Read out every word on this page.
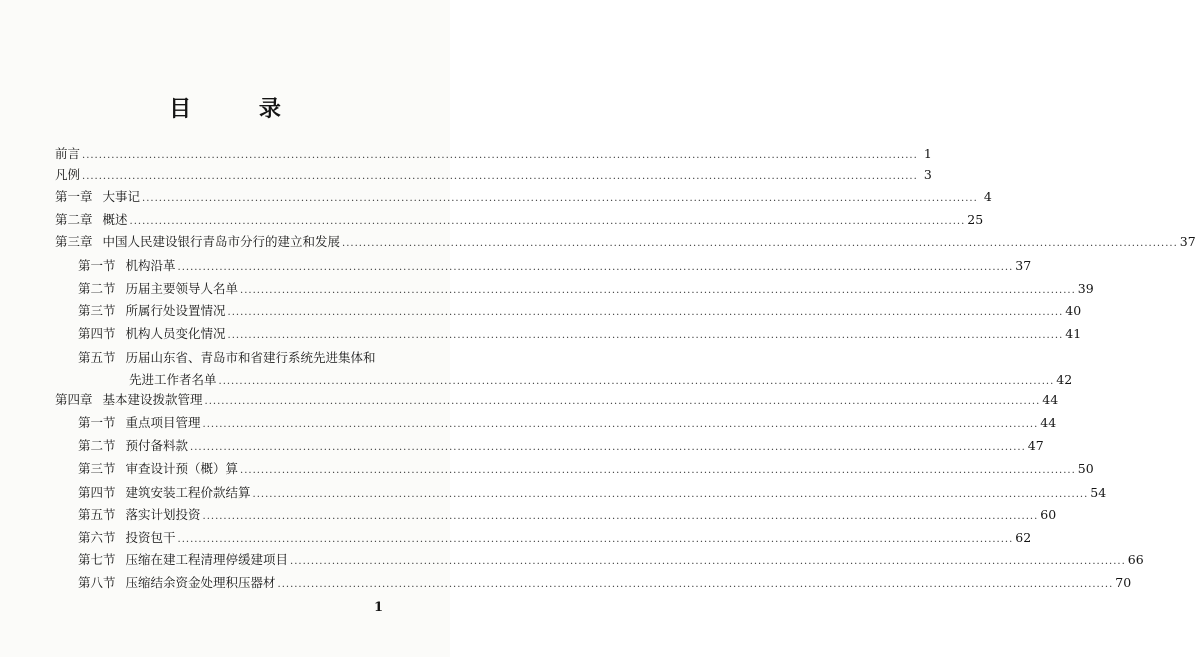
目 录
前言 ........................................................................................................................................................................................................ 1
凡例 ........................................................................................................................................................................................................ 3
第一章 大事记 ........................................................................................................................................................................................................ 4
第二章 概述 ........................................................................................................................................................................................................ 25
第三章 中国人民建设银行青岛市分行的建立和发展 ........................................................................................................................................................................................................ 37
第一节 机构沿革 ........................................................................................................................................................................................................ 37
第二节 历届主要领导人名单 ........................................................................................................................................................................................................ 39
第三节 所属行处设置情况 ........................................................................................................................................................................................................ 40
第四节 机构人员变化情况 ........................................................................................................................................................................................................ 41
第五节 历届山东省、青岛市和省建行系统先进集体和
先进工作者名单 ........................................................................................................................................................................................................ 42
第四章 基本建设拨款管理 ........................................................................................................................................................................................................ 44
第一节 重点项目管理 ........................................................................................................................................................................................................ 44
第二节 预付备料款 ........................................................................................................................................................................................................ 47
第三节 审查设计预（概）算 ........................................................................................................................................................................................................ 50
第四节 建筑安装工程价款结算 ........................................................................................................................................................................................................ 54
第五节 落实计划投资 ........................................................................................................................................................................................................ 60
第六节 投资包干 ........................................................................................................................................................................................................ 62
第七节 压缩在建工程清理停缓建项目 ........................................................................................................................................................................................................ 66
第八节 压缩结余资金处理积压器材 ........................................................................................................................................................................................................ 70
1
